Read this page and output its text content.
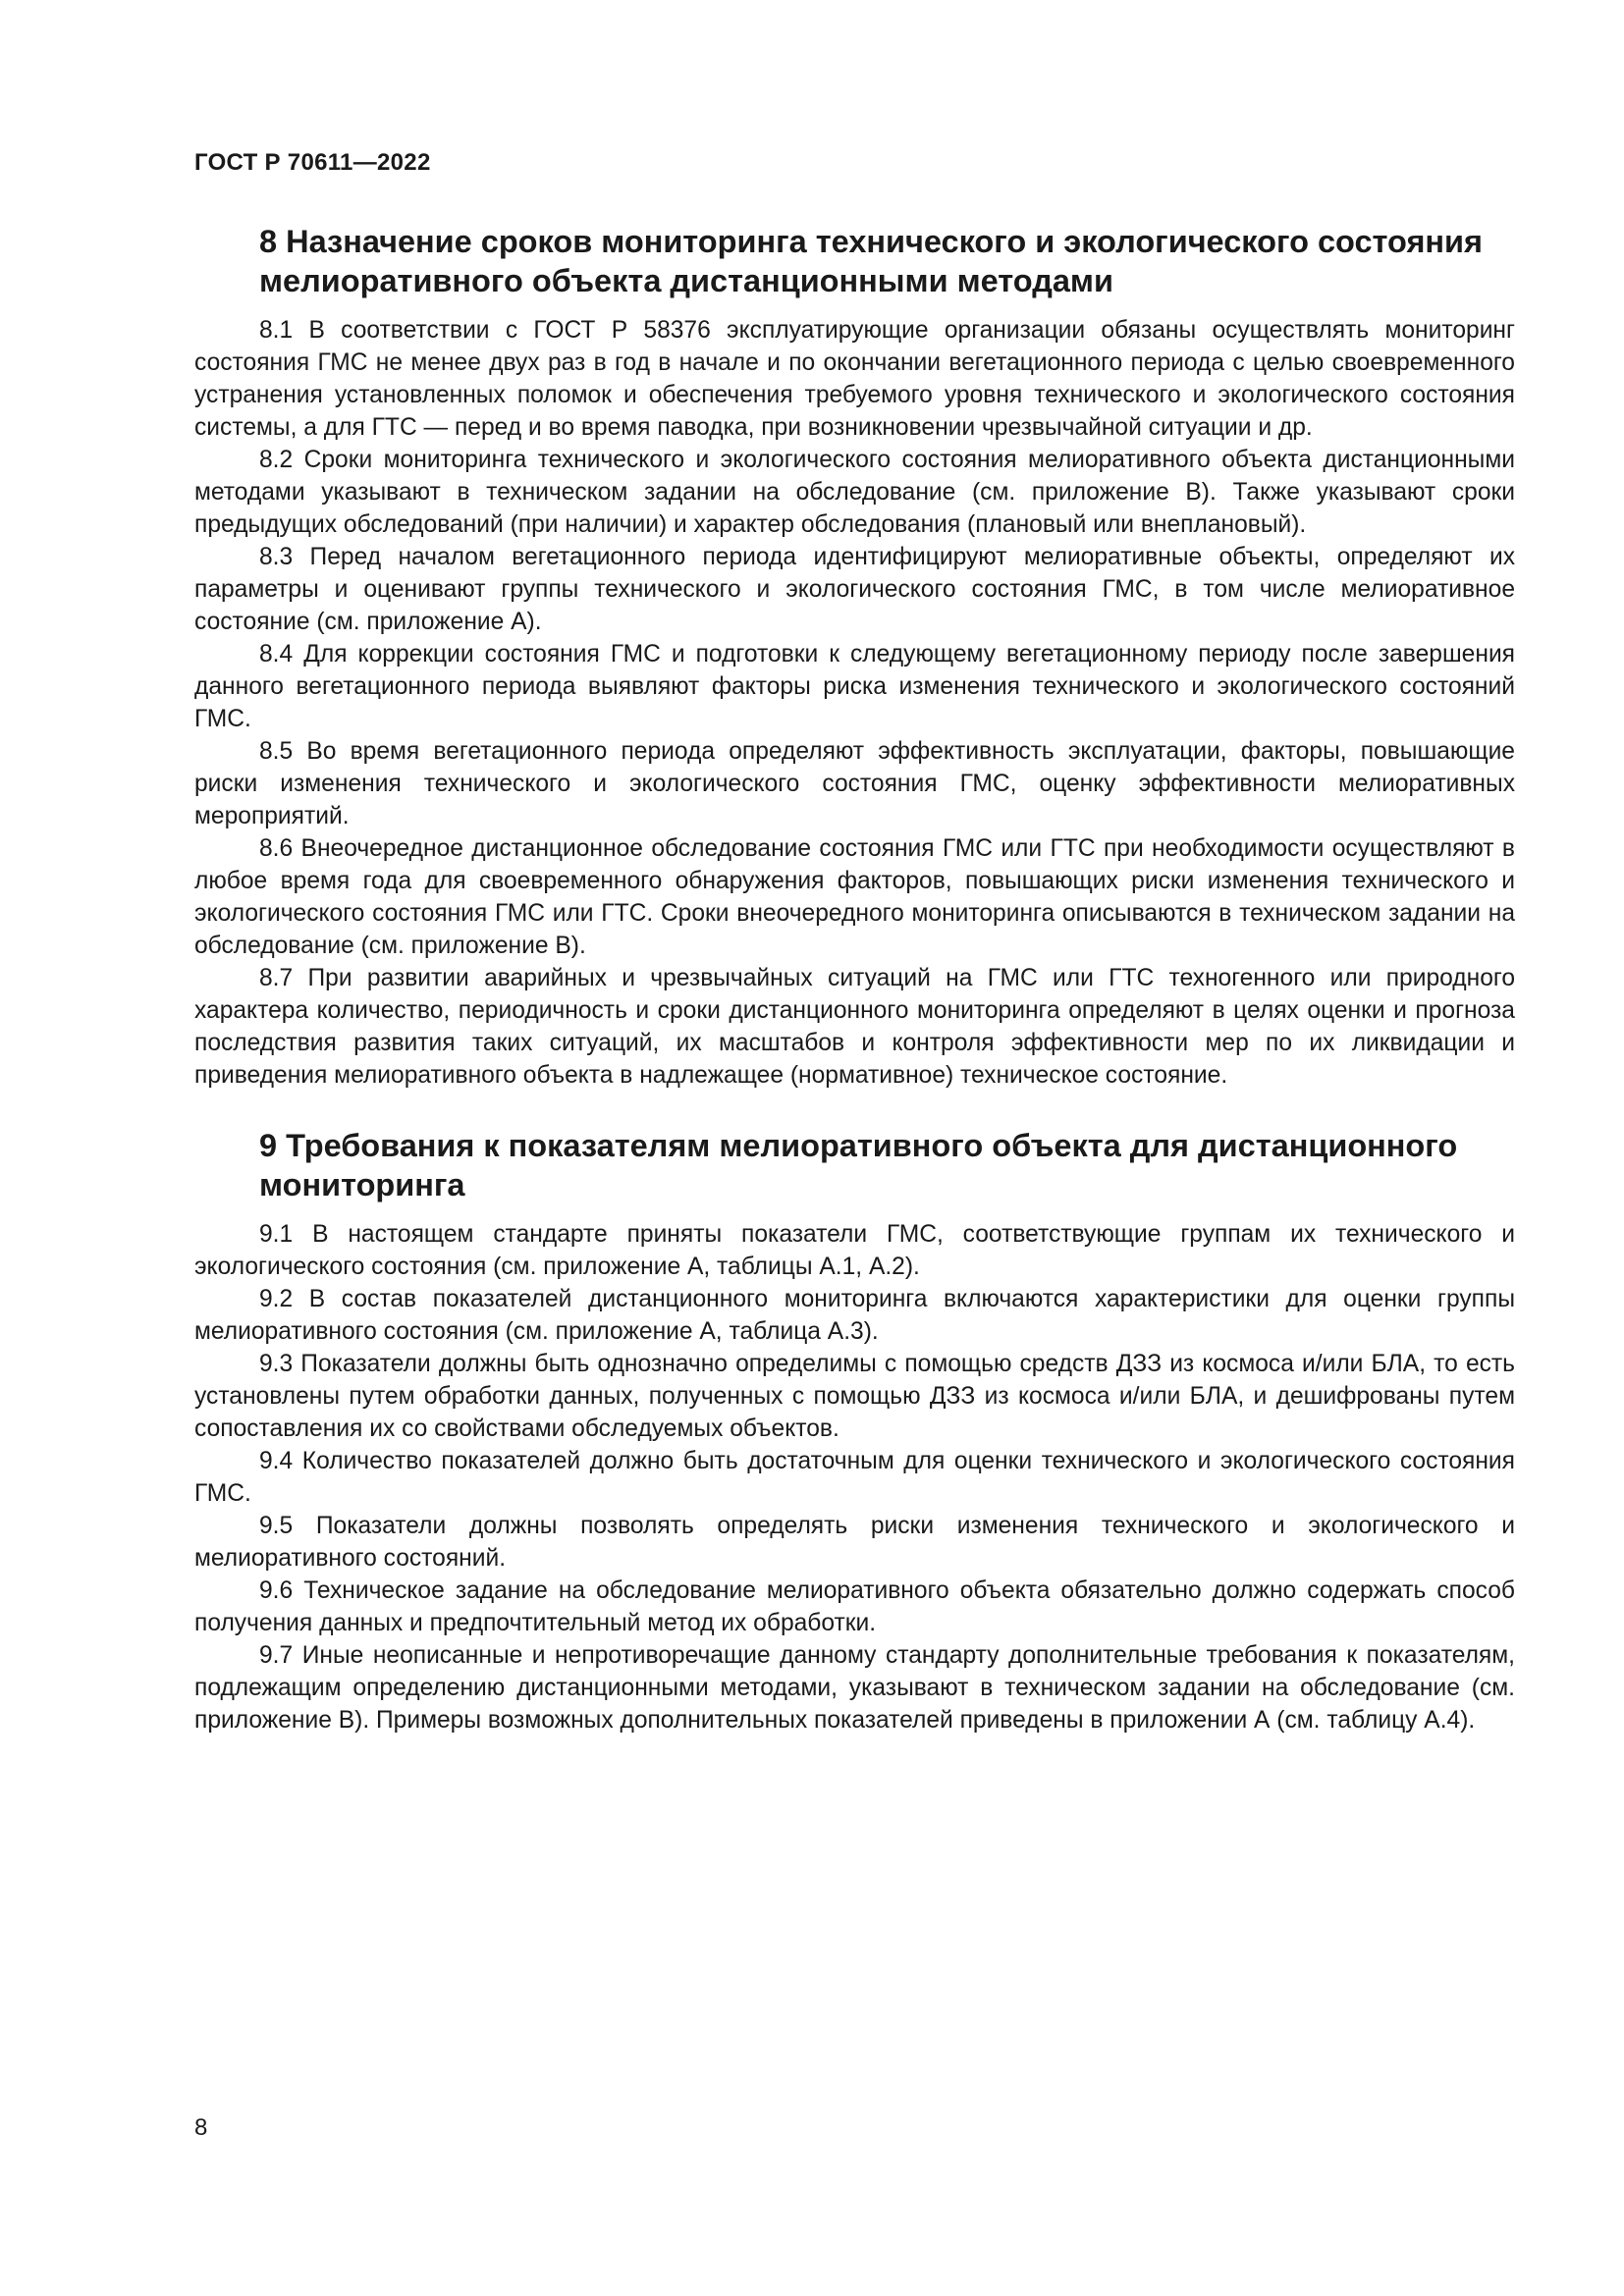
ГОСТ Р 70611—2022
8 Назначение сроков мониторинга технического и экологического состояния мелиоративного объекта дистанционными методами

8.1 В соответствии с ГОСТ Р 58376 эксплуатирующие организации обязаны осуществлять мониторинг состояния ГМС не менее двух раз в год в начале и по окончании вегетационного периода с целью своевременного устранения установленных поломок и обеспечения требуемого уровня технического и экологического состояния системы, а для ГТС — перед и во время паводка, при возникновении чрезвычайной ситуации и др.

8.2 Сроки мониторинга технического и экологического состояния мелиоративного объекта дистанционными методами указывают в техническом задании на обследование (см. приложение В). Также указывают сроки предыдущих обследований (при наличии) и характер обследования (плановый или внеплановый).

8.3 Перед началом вегетационного периода идентифицируют мелиоративные объекты, определяют их параметры и оценивают группы технического и экологического состояния ГМС, в том числе мелиоративное состояние (см. приложение А).

8.4 Для коррекции состояния ГМС и подготовки к следующему вегетационному периоду после завершения данного вегетационного периода выявляют факторы риска изменения технического и экологического состояний ГМС.

8.5 Во время вегетационного периода определяют эффективность эксплуатации, факторы, повышающие риски изменения технического и экологического состояния ГМС, оценку эффективности мелиоративных мероприятий.

8.6 Внеочередное дистанционное обследование состояния ГМС или ГТС при необходимости осуществляют в любое время года для своевременного обнаружения факторов, повышающих риски изменения технического и экологического состояния ГМС или ГТС. Сроки внеочередного мониторинга описываются в техническом задании на обследование (см. приложение В).

8.7 При развитии аварийных и чрезвычайных ситуаций на ГМС или ГТС техногенного или природного характера количество, периодичность и сроки дистанционного мониторинга определяют в целях оценки и прогноза последствия развития таких ситуаций, их масштабов и контроля эффективности мер по их ликвидации и приведения мелиоративного объекта в надлежащее (нормативное) техническое состояние.

9 Требования к показателям мелиоративного объекта для дистанционного мониторинга

9.1 В настоящем стандарте приняты показатели ГМС, соответствующие группам их технического и экологического состояния (см. приложение А, таблицы А.1, А.2).

9.2 В состав показателей дистанционного мониторинга включаются характеристики для оценки группы мелиоративного состояния (см. приложение А, таблица А.3).

9.3 Показатели должны быть однозначно определимы с помощью средств ДЗЗ из космоса и/или БЛА, то есть установлены путем обработки данных, полученных с помощью ДЗЗ из космоса и/или БЛА, и дешифрованы путем сопоставления их со свойствами обследуемых объектов.

9.4 Количество показателей должно быть достаточным для оценки технического и экологического состояния ГМС.

9.5 Показатели должны позволять определять риски изменения технического и экологического и мелиоративного состояний.

9.6 Техническое задание на обследование мелиоративного объекта обязательно должно содержать способ получения данных и предпочтительный метод их обработки.

9.7 Иные неописанные и непротиворечащие данному стандарту дополнительные требования к показателям, подлежащим определению дистанционными методами, указывают в техническом задании на обследование (см. приложение В). Примеры возможных дополнительных показателей приведены в приложении А (см. таблицу А.4).

8
